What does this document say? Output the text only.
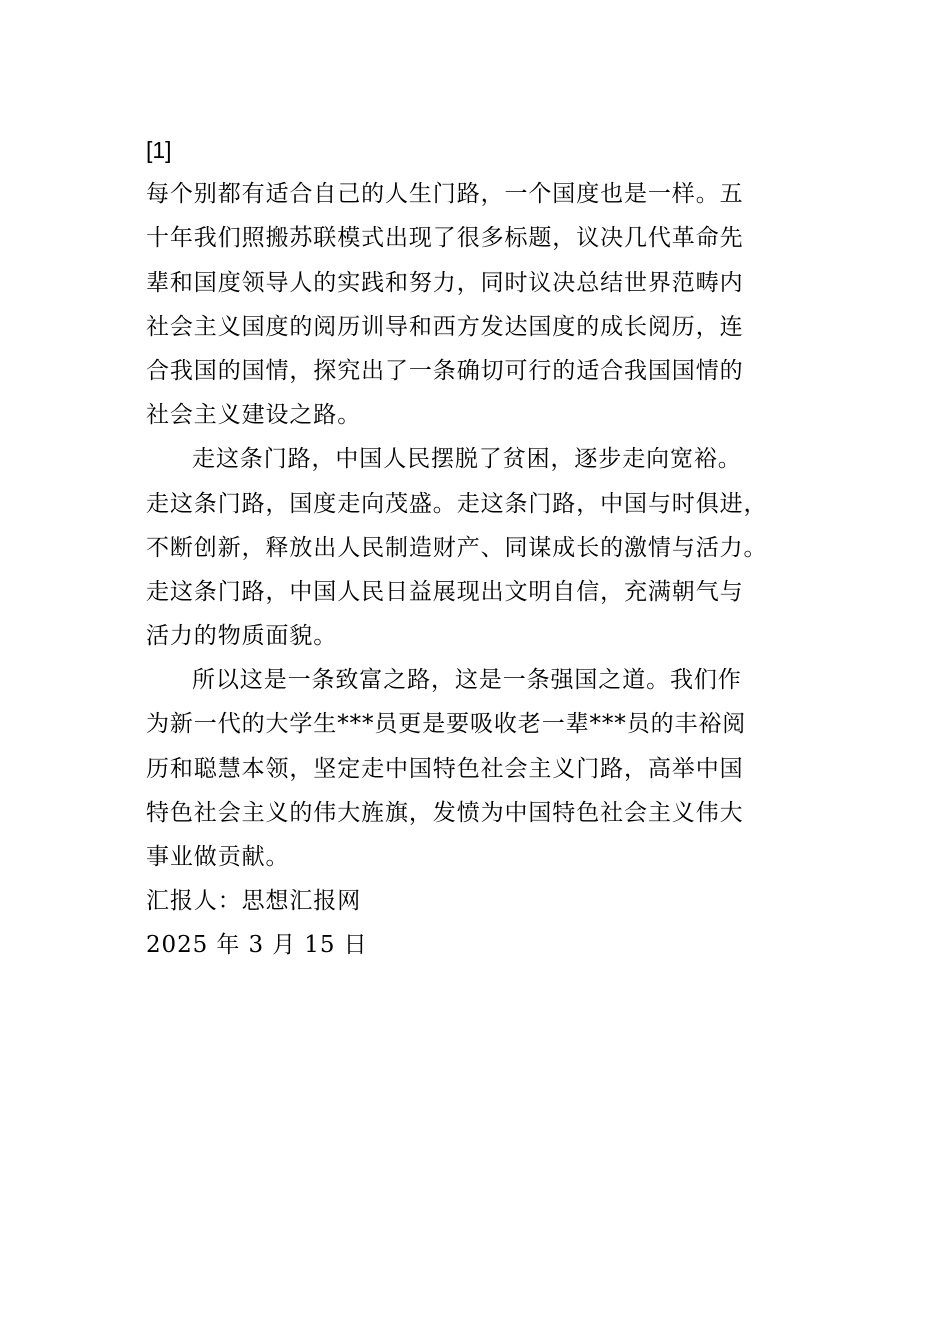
[1]
每个别都有适合自己的人生门路，一个国度也是一样。五
十年我们照搬苏联模式出现了很多标题，议决几代革命先
辈和国度领导人的实践和努力，同时议决总结世界范畴内
社会主义国度的阅历训导和西方发达国度的成长阅历，连
合我国的国情，探究出了一条确切可行的适合我国国情的
社会主义建设之路。
走这条门路，中国人民摆脱了贫困，逐步走向宽裕。
走这条门路，国度走向茂盛。走这条门路，中国与时俱进，
不断创新，释放出人民制造财产、同谋成长的激情与活力。
走这条门路，中国人民日益展现出文明自信，充满朝气与
活力的物质面貌。
所以这是一条致富之路，这是一条强国之道。我们作
为新一代的大学生***员更是要吸收老一辈***员的丰裕阅
历和聪慧本领，坚定走中国特色社会主义门路，高举中国
特色社会主义的伟大旌旗，发愤为中国特色社会主义伟大
事业做贡献。
汇报人：思想汇报网
2025 年 3 月 15 日
